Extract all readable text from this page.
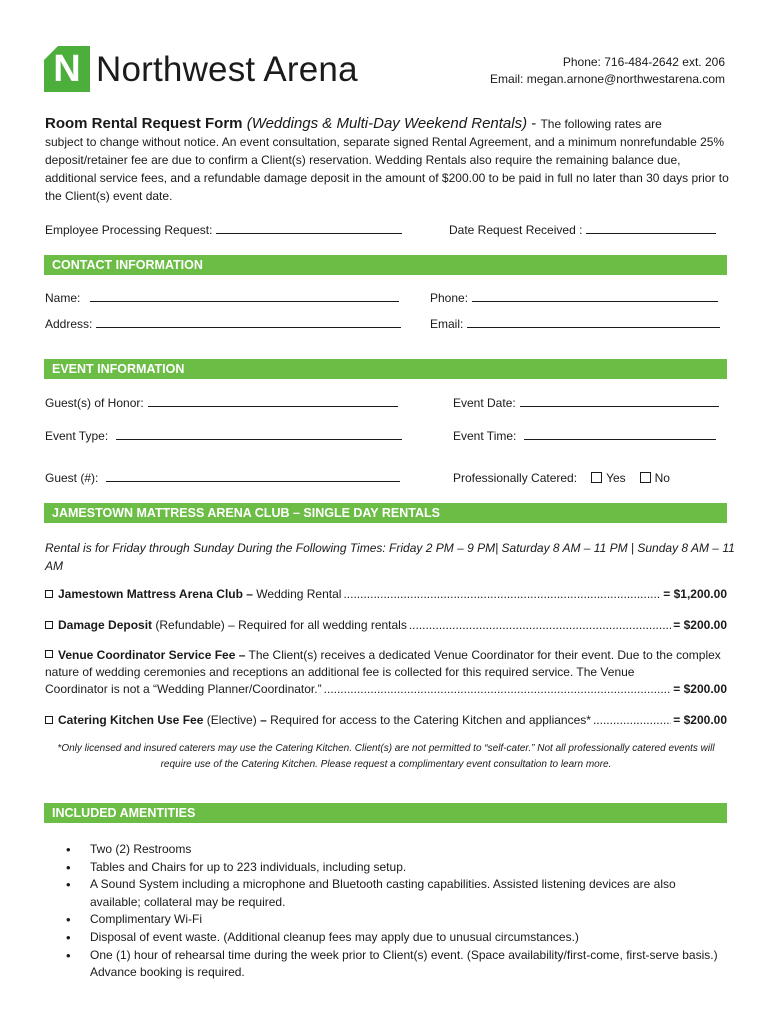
N Northwest Arena	Phone: 716-484-2642 ext. 206
Email: megan.arnone@northwestarena.com
Room Rental Request Form (Weddings & Multi-Day Weekend Rentals) - The following rates are
subject to change without notice. An event consultation, separate signed Rental Agreement, and a minimum nonrefundable 25% deposit/retainer fee are due to confirm a Client(s) reservation. Wedding Rentals also require the remaining balance due, additional service fees, and a refundable damage deposit in the amount of $200.00 to be paid in full no later than 30 days prior to the Client(s) event date.
Employee Processing Request:	Date Request Received :
CONTACT INFORMATION
Name:	Phone:
Address:	Email:
EVENT INFORMATION
Guest(s) of Honor:	Event Date:
Event Type:	Event Time:
Guest (#):	Professionally Catered: Yes No
JAMESTOWN MATTRESS ARENA CLUB – SINGLE DAY RENTALS
Rental is for Friday through Sunday During the Following Times: Friday 2 PM – 9 PM| Saturday 8 AM – 11 PM | Sunday 8 AM – 11 AM
Jamestown Mattress Arena Club – Wedding Rental .....	= $1,200.00
Damage Deposit (Refundable) – Required for all wedding rentals .....	= $200.00
Venue Coordinator Service Fee – The Client(s) receives a dedicated Venue Coordinator for their event. Due to the complex nature of wedding ceremonies and receptions an additional fee is collected for this required service. The Venue
Coordinator is not a “Wedding Planner/Coordinator.” .....	= $200.00
Catering Kitchen Use Fee (Elective) – Required for access to the Catering Kitchen and appliances* .....	= $200.00
*Only licensed and insured caterers may use the Catering Kitchen. Client(s) are not permitted to “self-cater.” Not all professionally catered events will require use of the Catering Kitchen. Please request a complimentary event consultation to learn more.
INCLUDED AMENTITIES
• Two (2) Restrooms
• Tables and Chairs for up to 223 individuals, including setup.
• A Sound System including a microphone and Bluetooth casting capabilities. Assisted listening devices are also available; collateral may be required.
• Complimentary Wi-Fi
• Disposal of event waste. (Additional cleanup fees may apply due to unusual circumstances.)
• One (1) hour of rehearsal time during the week prior to Client(s) event. (Space availability/first-come, first-serve basis.) Advance booking is required.
